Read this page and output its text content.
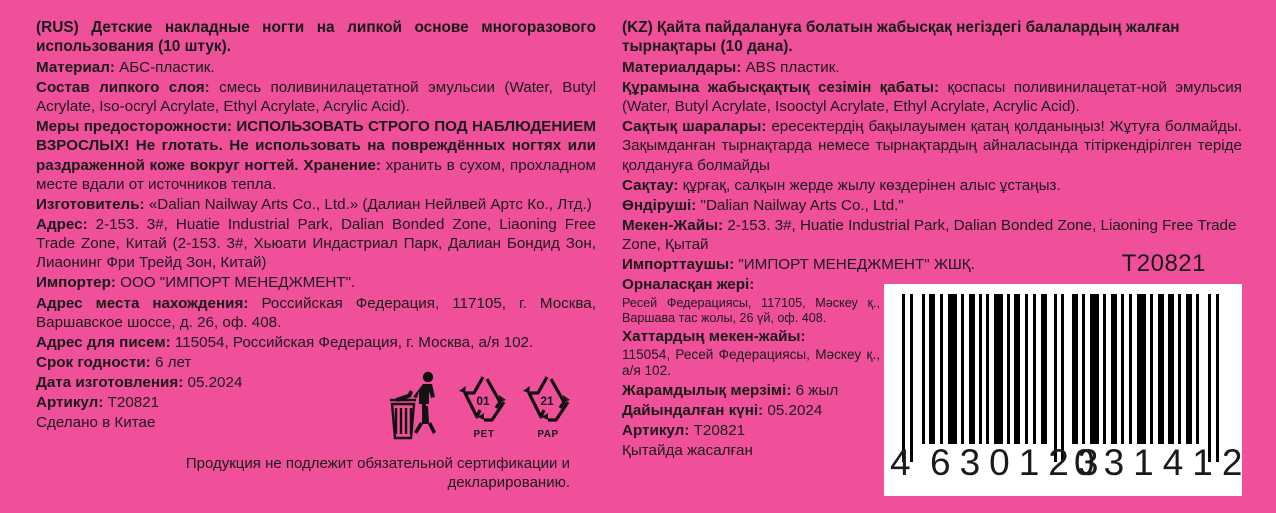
(RUS) Детские накладные ногти на липкой основе многоразового использования (10 штук).
Материал: АБС-пластик.
Состав липкого слоя: смесь поливинилацетатной эмульсии (Water, Butyl Acrylate, Iso-ocryl Acrylate, Ethyl Acrylate, Acrylic Acid).
Меры предосторожности: ИСПОЛЬЗОВАТЬ СТРОГО ПОД НАБЛЮДЕНИЕМ ВЗРОСЛЫХ! Не глотать. Не использовать на повреждённых ногтях или раздраженной коже вокруг ногтей. Хранение: хранить в сухом, прохладном месте вдали от источников тепла.
Изготовитель: «Dalian Nailway Arts Co., Ltd.» (Далиан Нейлвей Артс Ко., Лтд.)
Адрес: 2-153. 3#, Huatie Industrial Park, Dalian Bonded Zone, Liaoning Free Trade Zone, Китай (2-153. 3#, Хьюати Индастриал Парк, Далиан Бондид Зон, Лиаонинг Фри Трейд Зон, Китай)
Импортер: ООО "ИМПОРТ МЕНЕДЖМЕНТ".
Адрес места нахождения: Российская Федерация, 117105, г. Москва, Варшавское шоссе, д. 26, оф. 408.
Адрес для писем: 115054, Российская Федерация, г. Москва, а/я 102.
Срок годности: 6 лет
Дата изготовления: 05.2024
Артикул: T20821
Сделано в Китае
(KZ) Қайта пайдалануға болатын жабысқақ негіздегі балалардың жалған тырнақтары (10 дана).
Материалдары: ABS пластик.
Құрамына жабысқақтық сезімін қабаты: қоспасы поливинилацетат-ной эмульсия (Water, Butyl Acrylate, Isooctyl Acrylate, Ethyl Acrylate, Acrylic Acid).
Сақтық шаралары: ересектердің бақылауымен қатаң қолданыңыз! Жұтуға болмайды. Зақымданған тырнақтарда немесе тырнақтардың айналасында тітіркендірілген теріде қолдануға болмайды
Сақтау: құрғақ, салқын жерде жылу көздерінен алыс ұстаңыз.
Өндіруші: "Dalian Nailway Arts Co., Ltd."
Мекен-Жайы: 2-153. 3#, Huatie Industrial Park, Dalian Bonded Zone, Liaoning Free Trade Zone, Қытай
Импорттаушы: "ИМПОРТ МЕНЕДЖМЕНТ" ЖШҚ.
Орналасқан жері:
Ресей Федерациясы, 117105, Мәскеу қ., Варшава тас жолы, 26 үй, оф. 408.
Хаттардың мекен-жайы:
115054, Ресей Федерациясы, Мәскеу қ., а/я 102.
Жарамдылық мерзімі: 6 жыл
Дайындалған күні: 05.2024
Артикул: T20821
Қытайда жасалған
Продукция не подлежит обязательной сертификации и декларированию.
01
PET
21
PAP
T20821
4 630123
031412
